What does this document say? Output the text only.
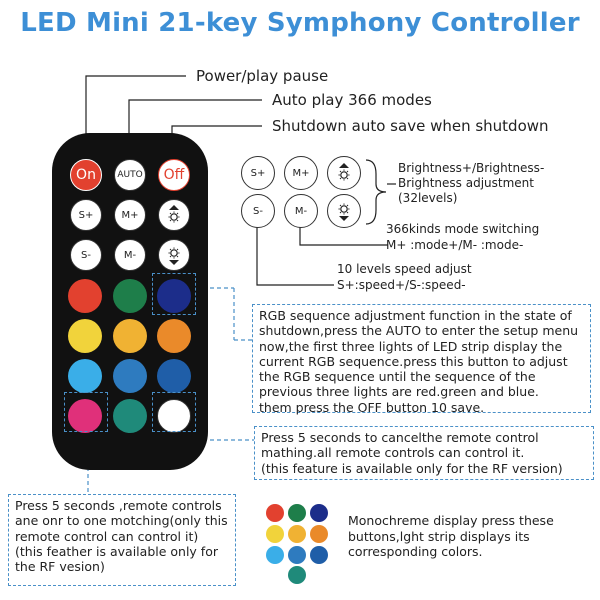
LED Mini 21-key Symphony Controller
Power/play pause
Auto play 366 modes
Shutdown auto save when shutdown
On	AUTO	Off
S+	M+
S-	M-
S+	M+
S-	M-
Brightness+/Brightness-
Brightness adjustment
(32levels)
366kinds mode switching
M+ :mode+/M- :mode-
10 levels speed adjust
S+:speed+/S-:speed-
RGB sequence adjustment function in the state of
shutdown,press the AUTO to enter the setup menu
now,the first three lights of LED strip display the
current RGB sequence.press this button to adjust
the RGB sequence until the sequence of the
previous three lights are red.green and blue.
them press the OFF button 10 save.
Press 5 seconds to cancelthe remote control
mathing.all remote controls can control it.
(this feature is available only for the RF version)
Press 5 seconds ,remote controls
ane onr to one motching(only this
remote control can control it)
(this feather is available only for
the RF vesion)
Monochreme display press these
buttons,lght strip displays its
corresponding colors.
